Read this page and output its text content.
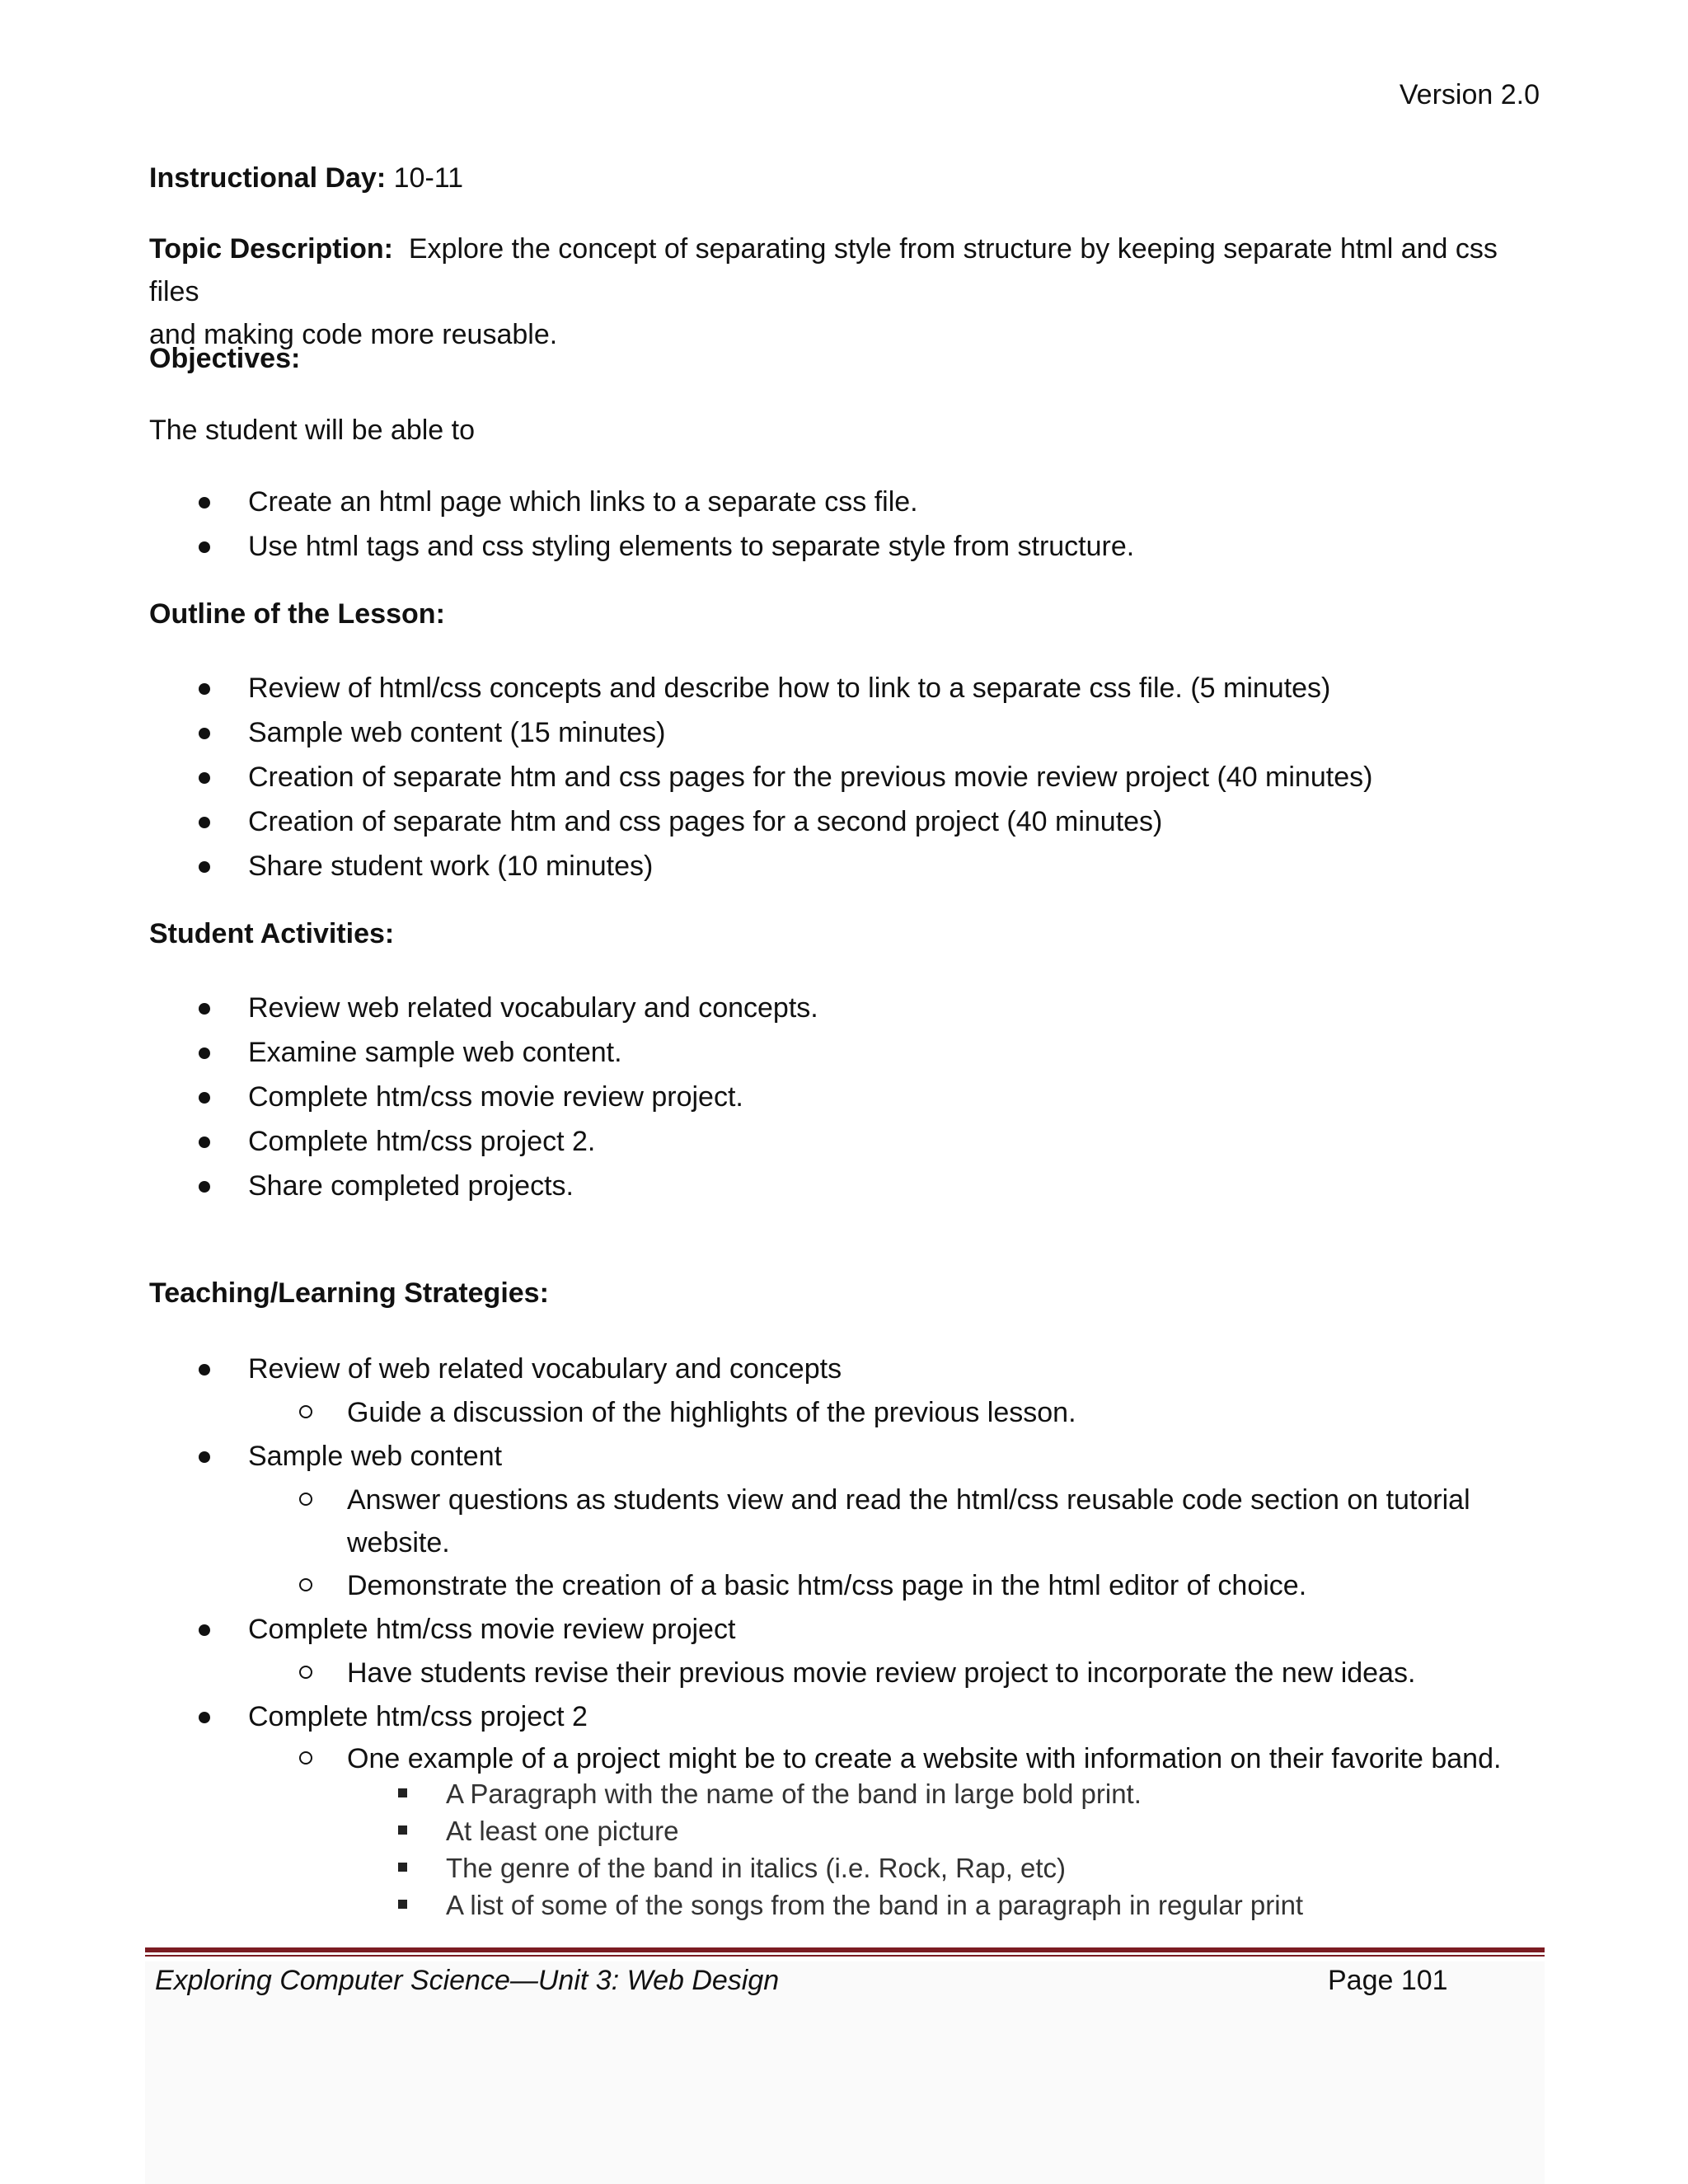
Version 2.0
Instructional Day: 10-11
Topic Description: Explore the concept of separating style from structure by keeping separate html and css files
and making code more reusable.
Objectives:
The student will be able to
Create an html page which links to a separate css file.
Use html tags and css styling elements to separate style from structure.
Outline of the Lesson:
Review of html/css concepts and describe how to link to a separate css file. (5 minutes)
Sample web content (15 minutes)
Creation of separate htm and css pages for the previous movie review project (40 minutes)
Creation of separate htm and css pages for a second project (40 minutes)
Share student work (10 minutes)
Student Activities:
Review web related vocabulary and concepts.
Examine sample web content.
Complete htm/css movie review project.
Complete htm/css project 2.
Share completed projects.
Teaching/Learning Strategies:
Review of web related vocabulary and concepts
Guide a discussion of the highlights of the previous lesson.
Sample web content
Answer questions as students view and read the html/css reusable code section on tutorial
website.
Demonstrate the creation of a basic htm/css page in the html editor of choice.
Complete htm/css movie review project
Have students revise their previous movie review project to incorporate the new ideas.
Complete htm/css project 2
One example of a project might be to create a website with information on their favorite band.
A Paragraph with the name of the band in large bold print.
At least one picture
The genre of the band in italics (i.e. Rock, Rap, etc)
A list of some of the songs from the band in a paragraph in regular print
Exploring Computer Science—Unit 3: Web Design	Page 101
